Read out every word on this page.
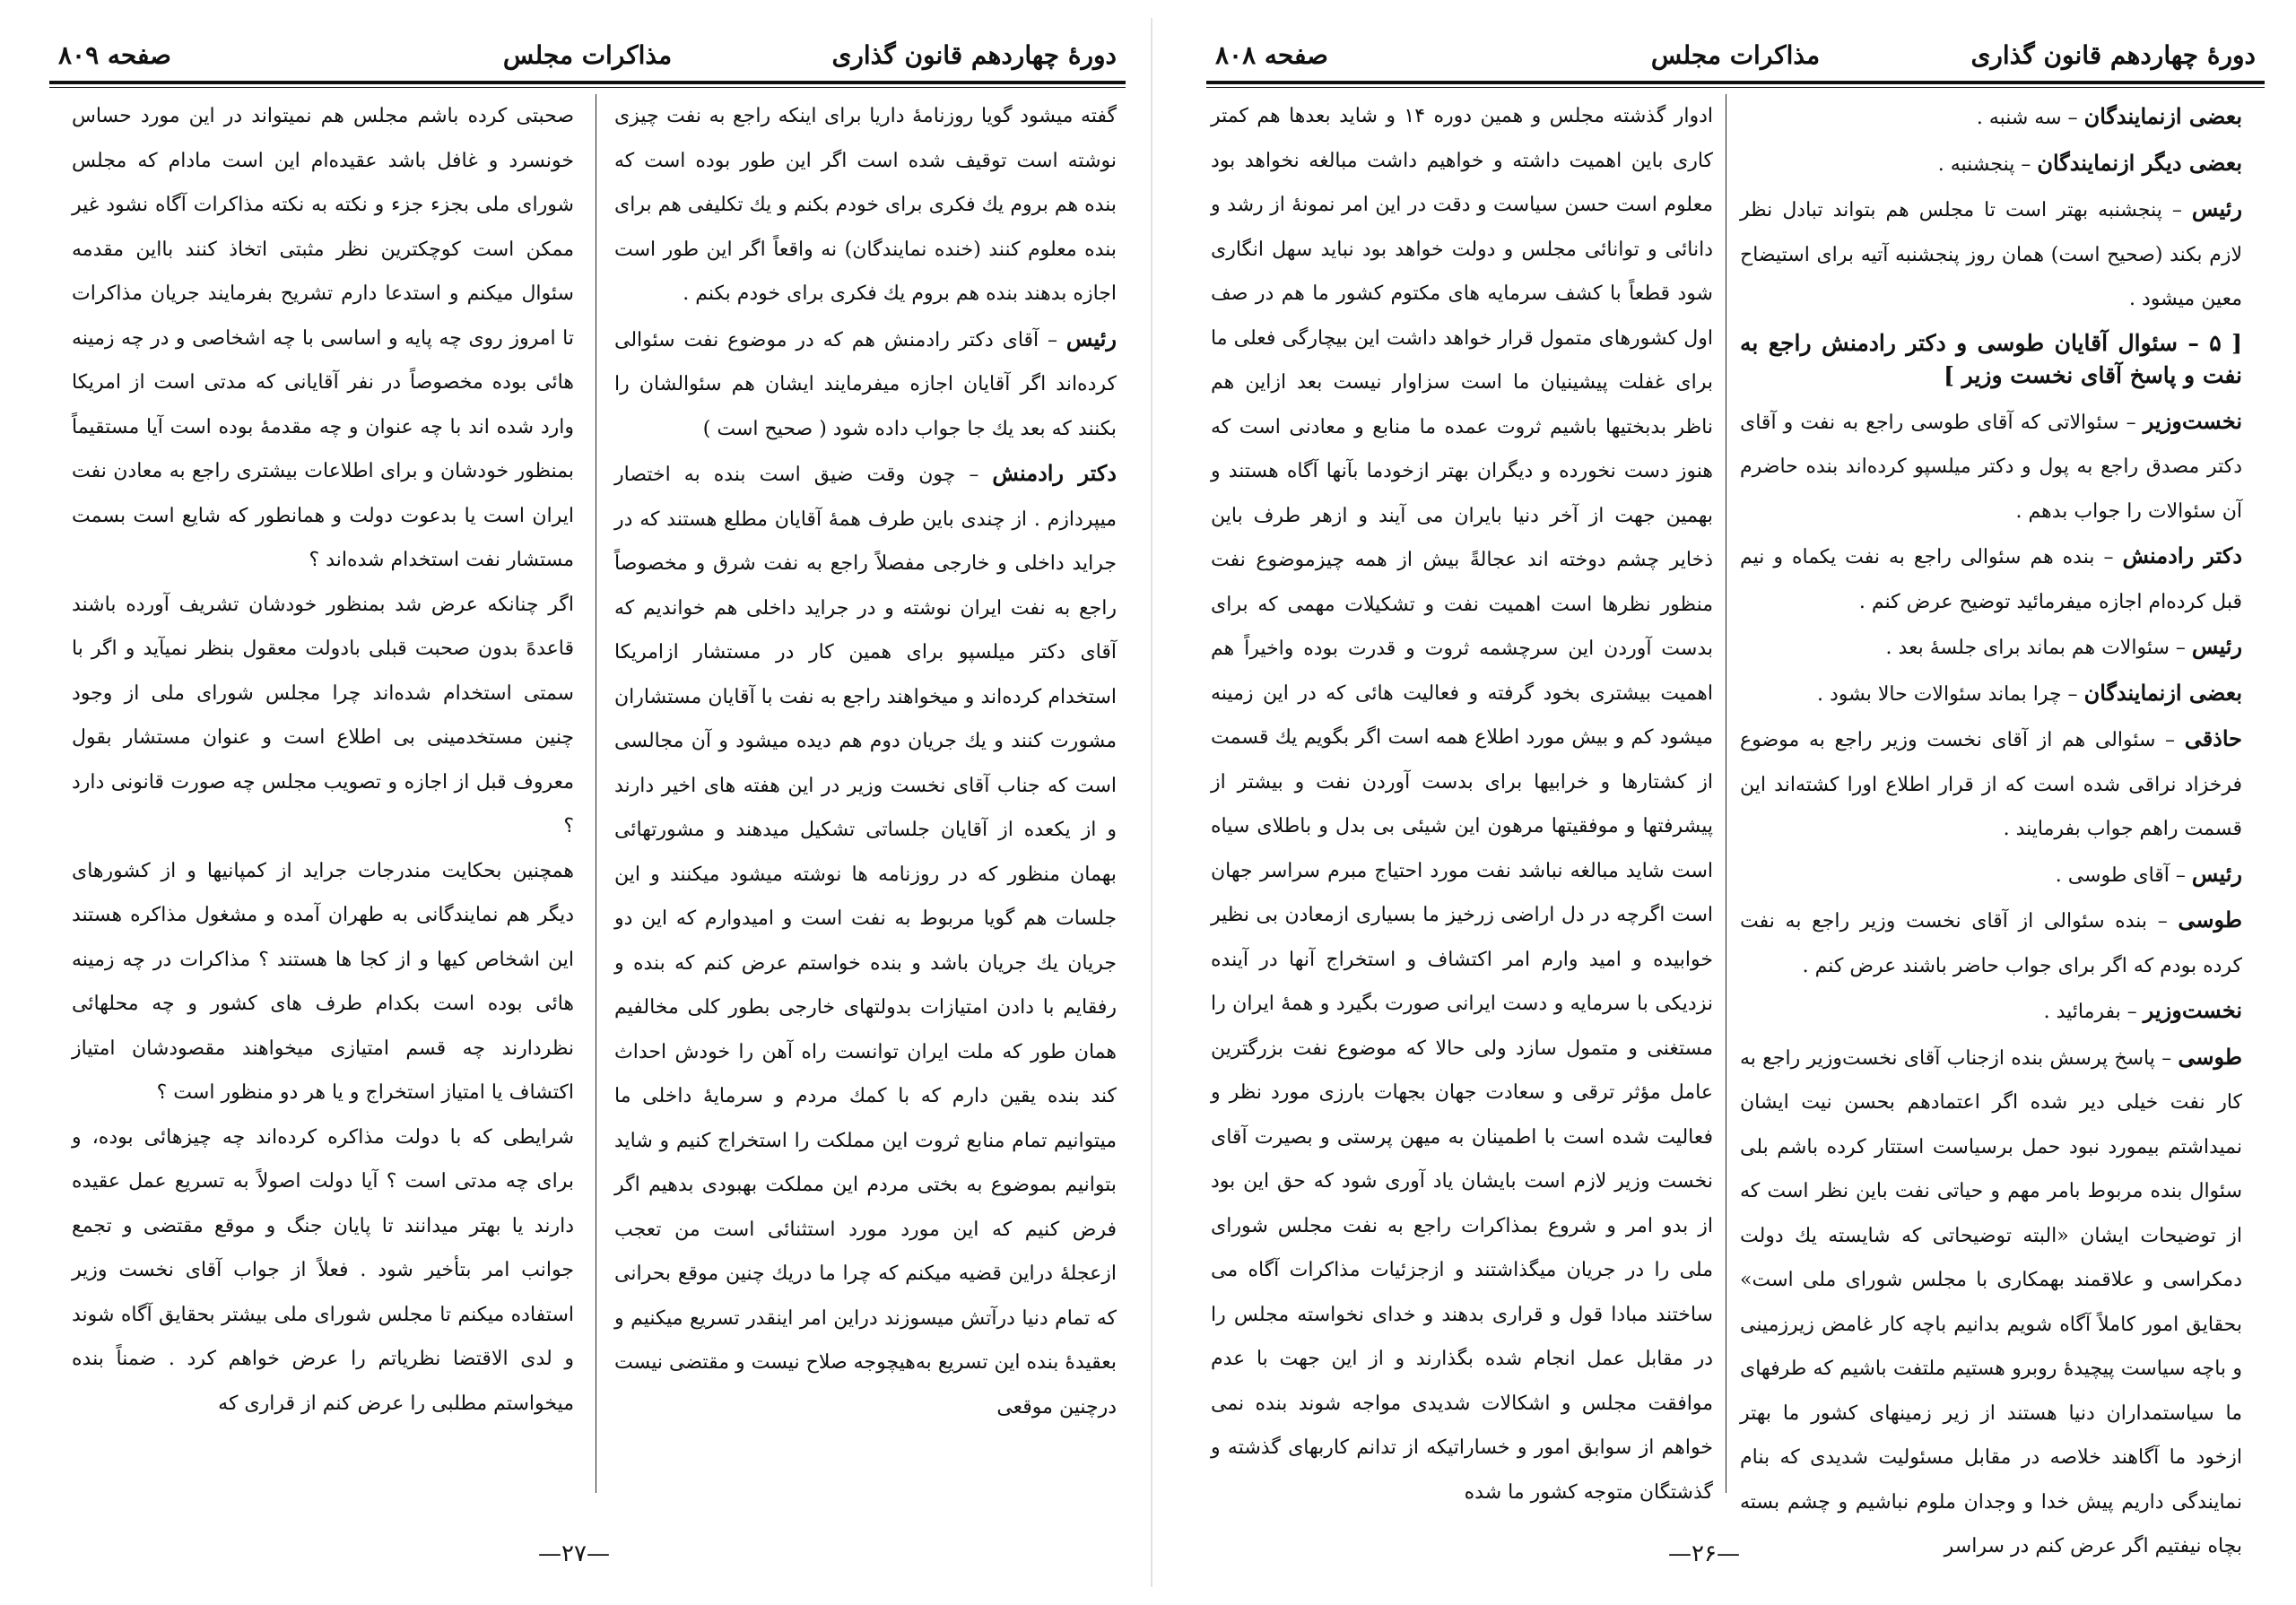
دورهٔ چهاردهم قانون گذاری
مذاکرات مجلس
صفحه ۸۰۹

گفته میشود گویا روزنامهٔ داریا برای اینکه راجع به نفت چیزی نوشته است توقیف شده است اگر این طور بوده است که بنده هم بروم یك فکری برای خودم بکنم و یك تکلیفی هم برای بنده معلوم کنند (خنده نمایندگان) نه واقعاً اگر این طور است اجازه بدهند بنده هم بروم یك فکری برای خودم بکنم .

رئیس – آقای دکتر رادمنش هم که در موضوع نفت سئوالی کرده‌اند اگر آقایان اجازه میفرمایند ایشان هم سئوالشان را بکنند که بعد یك جا جواب داده شود ( صحیح است )

دکتر رادمنش – چون وقت ضیق است بنده به اختصار میپردازم . از چندی باین طرف همهٔ آقایان مطلع هستند که در جراید داخلی و خارجی مفصلاً راجع به نفت شرق و مخصوصاً راجع به نفت ایران نوشته و در جراید داخلی هم خواندیم که آقای دکتر میلسپو برای همین کار در مستشار ازامریکا استخدام کرده‌اند و میخواهند راجع به نفت با آقایان مستشاران مشورت کنند و یك جریان دوم هم دیده میشود و آن مجالسی است که جناب آقای نخست وزیر در این هفته های اخیر دارند و از یکعده از آقایان جلساتی تشکیل میدهند و مشورتهائی بهمان منظور که در روزنامه ها نوشته میشود میکنند و این جلسات هم گویا مربوط به نفت است و امیدوارم که این دو جریان یك جریان باشد و بنده خواستم عرض کنم که بنده و رفقایم با دادن امتیازات بدولتهای خارجی بطور کلی مخالفیم همان طور که ملت ایران توانست راه آهن را خودش احداث کند بنده یقین دارم که با کمك مردم و سرمایهٔ داخلی ما میتوانیم تمام منابع ثروت این مملکت را استخراج کنیم و شاید بتوانیم بموضوع به بختی مردم این مملکت بهبودی بدهیم اگر فرض کنیم که این مورد مورد استثنائی است من تعجب ازعجلهٔ دراین قضیه میکنم که چرا ما دریك چنین موقع بحرانی که تمام دنیا درآتش میسوزند دراین امر اینقدر تسریع میکنیم و بعقیدهٔ بنده این تسریع به‌هیچوجه صلاح نیست و مقتضی نیست درچنین موقعی

صحبتی کرده باشم مجلس هم نمیتواند در این مورد حساس خونسرد و غافل باشد عقیده‌ام این است مادام که مجلس شورای ملی بجزء جزء و نکته به نکته مذاکرات آگاه نشود غیر ممکن است کوچکترین نظر مثبتی اتخاذ کنند بااین مقدمه سئوال میکنم و استدعا دارم تشریح بفرمایند جریان مذاکرات تا امروز روی چه پایه و اساسی با چه اشخاصی و در چه زمینه هائی بوده مخصوصاً در نفر آقایانی که مدتی است از امریکا وارد شده اند با چه عنوان و چه مقدمهٔ بوده است آیا مستقیماً بمنظور خودشان و برای اطلاعات بیشتری راجع به معادن نفت ایران است یا بدعوت دولت و همانطور که شایع است بسمت مستشار نفت استخدام شده‌اند ؟

اگر چنانکه عرض شد بمنظور خودشان تشریف آورده باشند قاعدهً بدون صحبت قبلی بادولت معقول بنظر نمیآید و اگر با سمتی استخدام شده‌اند چرا مجلس شورای ملی از وجود چنین مستخدمینی بی اطلاع است و عنوان مستشار بقول معروف قبل از اجازه و تصویب مجلس چه صورت قانونی دارد ؟

همچنین بحکایت مندرجات جراید از کمپانیها و از کشورهای دیگر هم نمایندگانی به طهران آمده و مشغول مذاکره هستند این اشخاص کیها و از کجا ها هستند ؟ مذاکرات در چه زمینه هائی بوده است بکدام طرف های کشور و چه محلهائی نظردارند چه قسم امتیازی میخواهند مقصودشان امتیاز اکتشاف یا امتیاز استخراج و یا هر دو منظور است ؟

شرایطی که با دولت مذاکره کرده‌اند چه چیزهائی بوده، و برای چه مدتی است ؟ آیا دولت اصولاً به تسریع عمل عقیده دارند یا بهتر میدانند تا پایان جنگ و موقع مقتضی و تجمع جوانب امر بتأخیر شود . فعلاً از جواب آقای نخست وزیر استفاده میکنم تا مجلس شورای ملی بیشتر بحقایق آگاه شوند و لدی الاقتضا نظریاتم را عرض خواهم کرد . ضمناً بنده میخواستم مطلبی را عرض کنم از قراری که

—۲۷—
دورهٔ چهاردهم قانون گذاری
مذاکرات مجلس
صفحه ۸۰۸

بعضی ازنمایندگان – سه شنبه .

بعضی دیگر ازنمایندگان – پنجشنبه .

رئیس – پنجشنبه بهتر است تا مجلس هم بتواند تبادل نظر لازم بکند (صحیح است) همان روز پنجشنبه آتیه برای استیضاح معین میشود .

[ ۵ – سئوال آقایان طوسی و دکتر رادمنش راجع به نفت و پاسخ آقای نخست وزیر ]

نخست‌وزیر – سئوالاتی که آقای طوسی راجع به نفت و آقای دکتر مصدق راجع به پول و دکتر میلسپو کرده‌اند بنده حاضرم آن سئوالات را جواب بدهم .

دکتر رادمنش – بنده هم سئوالی راجع به نفت یکماه و نیم قبل کرده‌ام اجازه میفرمائید توضیح عرض کنم .

رئیس – سئوالات هم بماند برای جلسهٔ بعد .

بعضی ازنمایندگان – چرا بماند سئوالات حالا بشود .

حاذقی – سئوالی هم از آقای نخست وزیر راجع به موضوع فرخزاد نراقی شده است که از قرار اطلاع اورا کشته‌اند این قسمت راهم جواب بفرمایند .

رئیس – آقای طوسی .

طوسی – بنده سئوالی از آقای نخست وزیر راجع به نفت کرده بودم که اگر برای جواب حاضر باشند عرض کنم .

نخست‌وزیر – بفرمائید .

طوسی – پاسخ پرسش بنده ازجناب آقای نخست‌وزیر راجع به کار نفت خیلی دیر شده اگر اعتمادهم بحسن نیت ایشان نمیداشتم بیمورد نبود حمل برسیاست استتار کرده باشم بلی سئوال بنده مربوط بامر مهم و حیاتی نفت باین نظر است که از توضیحات ایشان «البته توضیحاتی که شایسته یك دولت دمکراسی و علاقمند بهمکاری با مجلس شورای ملی است» بحقایق امور کاملاً آگاه شویم بدانیم باچه کار غامض زیرزمینی و باچه سیاست پیچیدهٔ روبرو هستیم ملتفت باشیم که طرفهای ما سیاستمداران دنیا هستند از زیر زمینهای کشور ما بهتر ازخود ما آگاهند خلاصه در مقابل مسئولیت شدیدی که بنام نمایندگی داریم پیش خدا و وجدان ملوم نباشیم و چشم بسته بچاه نیفتیم اگر عرض کنم در سراسر

ادوار گذشته مجلس و همین دوره ۱۴ و شاید بعدها هم کمتر کاری باین اهمیت داشته و خواهیم داشت مبالغه نخواهد بود معلوم است حسن سیاست و دقت در این امر نمونهٔ از رشد و دانائی و توانائی مجلس و دولت خواهد بود نباید سهل انگاری شود قطعاً با کشف سرمایه های مکتوم کشور ما هم در صف اول کشورهای متمول قرار خواهد داشت این بیچارگی فعلی ما برای غفلت پیشینیان ما است سزاوار نیست بعد ازاین هم ناظر بدبختیها باشیم ثروت عمده ما منابع و معادنی است که هنوز دست نخورده و دیگران بهتر ازخودما بآنها آگاه هستند و بهمین جهت از آخر دنیا بایران می آیند و ازهر طرف باین ذخایر چشم دوخته اند عجالةً بیش از همه چیزموضوع نفت منظور نظرها است اهمیت نفت و تشکیلات مهمی که برای بدست آوردن این سرچشمه ثروت و قدرت بوده واخیراً هم اهمیت بیشتری بخود گرفته و فعالیت هائی که در این زمینه میشود کم و بیش مورد اطلاع همه است اگر بگویم یك قسمت از کشتارها و خرابیها برای بدست آوردن نفت و بیشتر از پیشرفتها و موفقیتها مرهون این شیئی بی بدل و باطلای سیاه است شاید مبالغه نباشد نفت مورد احتیاج مبرم سراسر جهان است اگرچه در دل اراضی زرخیز ما بسیاری ازمعادن بی نظیر خوابیده و امید وارم امر اکتشاف و استخراج آنها در آینده نزدیکی با سرمایه و دست ایرانی صورت بگیرد و همهٔ ایران را مستغنی و متمول سازد ولی حالا که موضوع نفت بزرگترین عامل مؤثر ترقی و سعادت جهان بجهات بارزی مورد نظر و فعالیت شده است با اطمینان به میهن پرستی و بصیرت آقای نخست وزیر لازم است بایشان یاد آوری شود که حق این بود از بدو امر و شروع بمذاکرات راجع به نفت مجلس شورای ملی را در جریان میگذاشتند و ازجزئیات مذاکرات آگاه می ساختند مبادا قول و قراری بدهند و خدای نخواسته مجلس را در مقابل عمل انجام شده بگذارند و از این جهت با عدم موافقت مجلس و اشکالات شدیدی مواجه شوند بنده نمی خواهم از سوابق امور و خساراتیکه از تدانم کاربهای گذشته و گذشتگان متوجه کشور ما شده

—۲۶—
